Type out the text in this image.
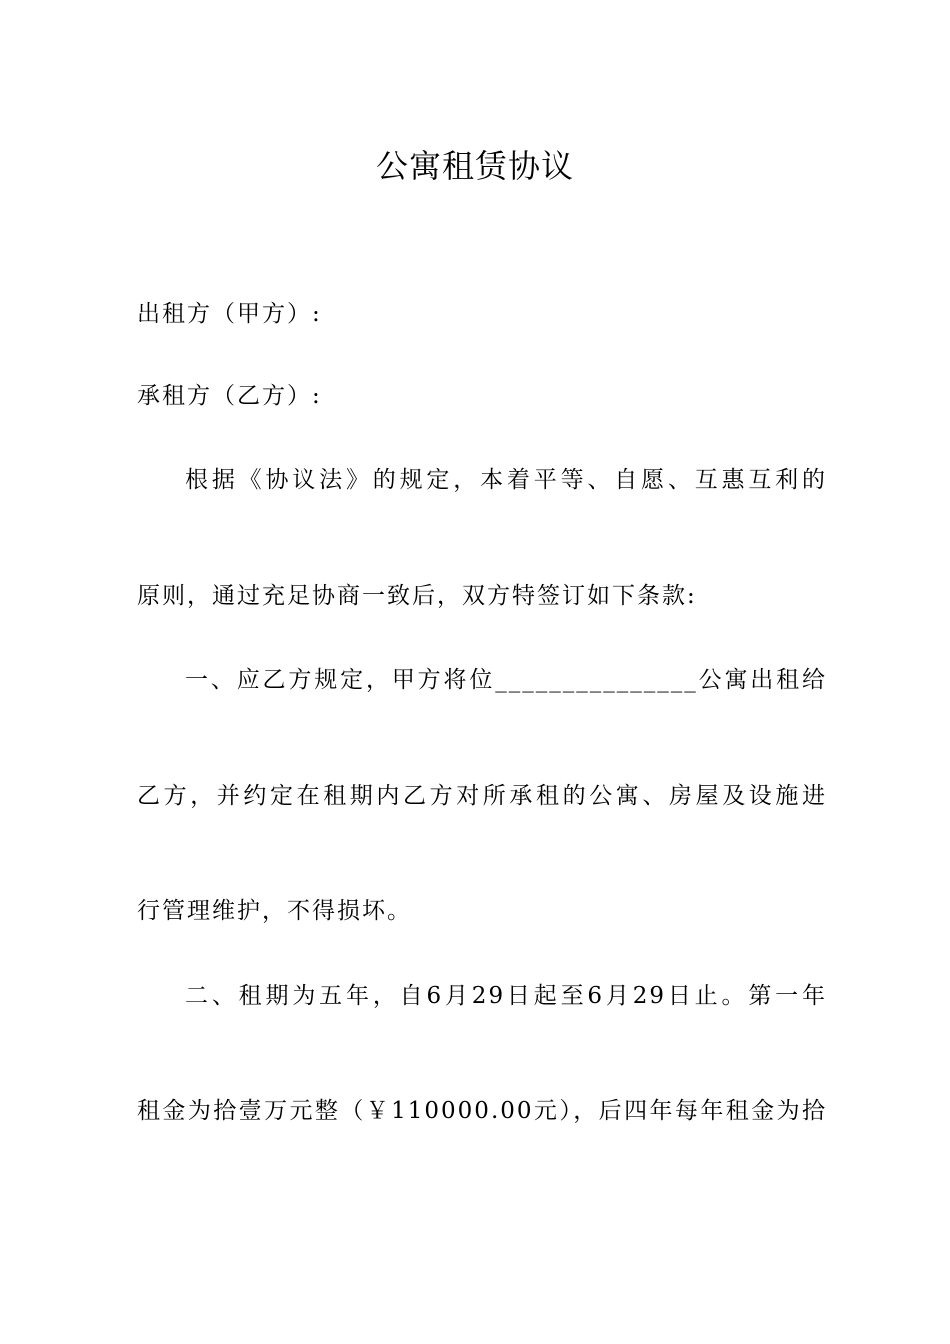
公寓租赁协议
出租方（甲方）:
承租方（乙方）:
根据《协议法》的规定，本着平等、自愿、互惠互利的
原则，通过充足协商一致后，双方特签订如下条款:
一、应乙方规定，甲方将位_______________公寓出租给
乙方，并约定在租期内乙方对所承租的公寓、房屋及设施进
行管理维护，不得损坏。
二、租期为五年，自6月29日起至6月29日止。第一年
租金为拾壹万元整（￥110000.00元），后四年每年租金为拾
